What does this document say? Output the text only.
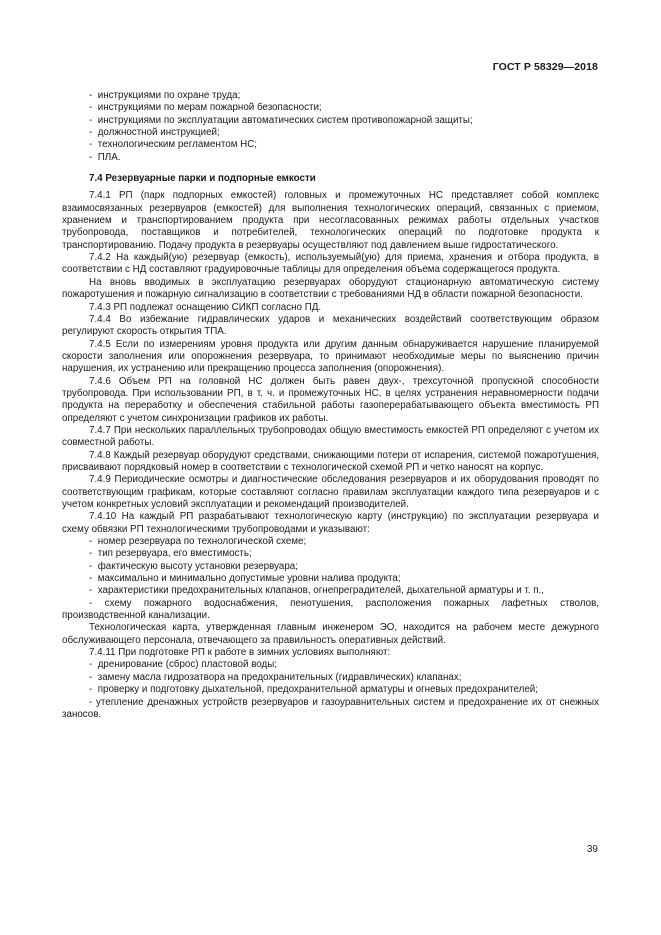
ГОСТ Р 58329—2018
-  инструкциями по охране труда;
-  инструкциями по мерам пожарной безопасности;
-  инструкциями по эксплуатации автоматических систем противопожарной защиты;
-  должностной инструкцией;
-  технологическим регламентом НС;
-  ПЛА.
7.4 Резервуарные парки и подпорные емкости

7.4.1 РП (парк подпорных емкостей) головных и промежуточных НС представляет собой комплекс взаимосвязанных резервуаров (емкостей) для выполнения технологических операций, связанных с приемом, хранением и транспортированием продукта при несогласованных режимах работы отдельных участков трубопровода, поставщиков и потребителей, технологических операций по подготовке продукта к транспортированию. Подачу продукта в резервуары осуществляют под давлением выше гидростатического.

7.4.2 На каждый(ую) резервуар (емкость), используемый(ую) для приема, хранения и отбора продукта, в соответствии с НД составляют градуировочные таблицы для определения объема содержащегося продукта.

На вновь вводимых в эксплуатацию резервуарах оборудуют стационарную автоматическую систему пожаротушения и пожарную сигнализацию в соответствии с требованиями НД в области пожарной безопасности.

7.4.3 РП подлежат оснащению СИКП согласно ПД.

7.4.4 Во избежание гидравлических ударов и механических воздействий соответствующим образом регулируют скорость открытия ТПА.

7.4.5 Если по измерениям уровня продукта или другим данным обнаруживается нарушение планируемой скорости заполнения или опорожнения резервуара, то принимают необходимые меры по выяснению причин нарушения, их устранению или прекращению процесса заполнения (опорожнения).

7.4.6 Объем РП на головной НС должен быть равен двух-, трехсуточной пропускной способности трубопровода. При использовании РП, в т. ч. и промежуточных НС, в целях устранения неравномерности подачи продукта на переработку и обеспечения стабильной работы газоперерабатывающего объекта вместимость РП определяют с учетом синхронизации графиков их работы.

7.4.7 При нескольких параллельных трубопроводах общую вместимость емкостей РП определяют с учетом их совместной работы.

7.4.8 Каждый резервуар оборудуют средствами, снижающими потери от испарения, системой пожаротушения, присваивают порядковый номер в соответствии с технологической схемой РП и четко наносят на корпус.

7.4.9 Периодические осмотры и диагностические обследования резервуаров и их оборудования проводят по соответствующим графикам, которые составляют согласно правилам эксплуатации каждого типа резервуаров и с учетом конкретных условий эксплуатации и рекомендаций производителей.

7.4.10 На каждый РП разрабатывают технологическую карту (инструкцию) по эксплуатации резервуара и схему обвязки РП технологическими трубопроводами и указывают:

-  номер резервуара по технологической схеме;
-  тип резервуара, его вместимость;
-  фактическую высоту установки резервуара;
-  максимально и минимально допустимые уровни налива продукта;
-  характеристики предохранительных клапанов, огнепреградителей, дыхательной арматуры и т. п.,

- схему пожарного водоснабжения, пенотушения, расположения пожарных лафетных стволов, производственной канализации.

Технологическая карта, утвержденная главным инженером ЭО, находится на рабочем месте дежурного обслуживающего персонала, отвечающего за правильность оперативных действий.

7.4.11 При подготовке РП к работе в зимних условиях выполняют:

-  дренирование (сброс) пластовой воды;
-  замену масла гидрозатвора на предохранительных (гидравлических) клапанах;
-  проверку и подготовку дыхательной, предохранительной арматуры и огневых предохранителей;

- утепление дренажных устройств резервуаров и газоуравнительных систем и предохранение их от снежных заносов.

39
